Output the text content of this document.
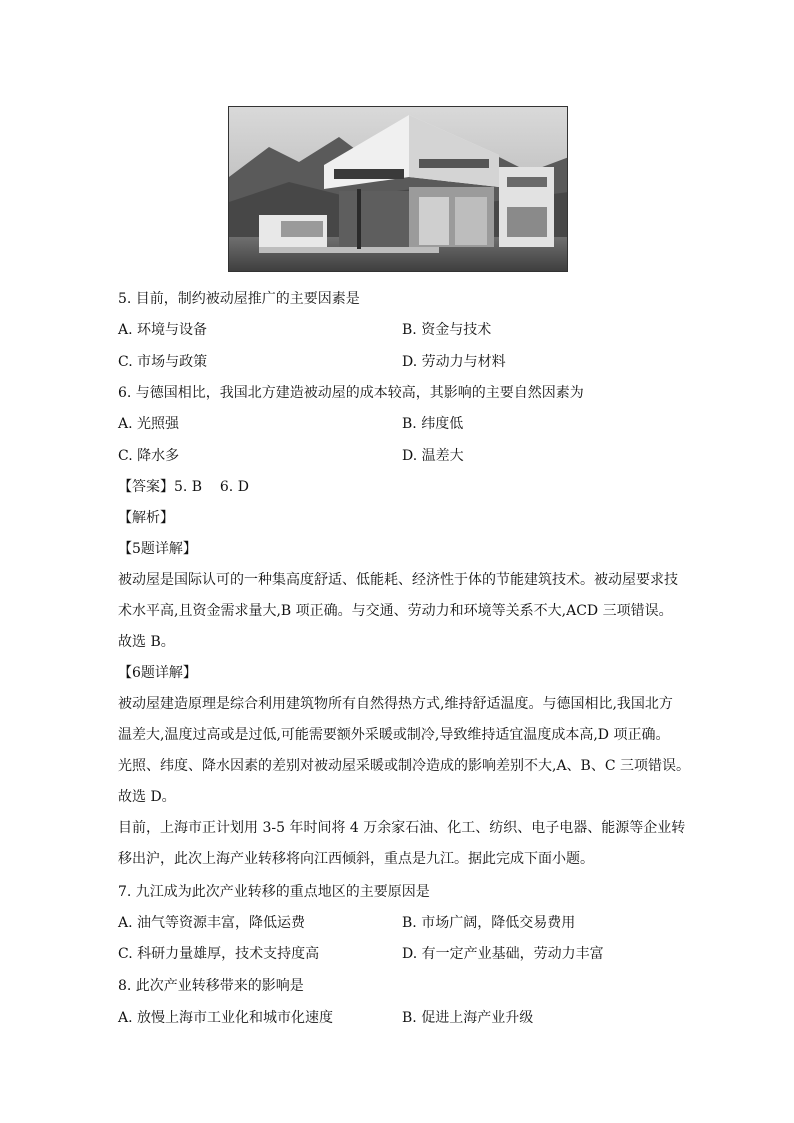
5. 目前，制约被动屋推广的主要因素是
A. 环境与设备	B. 资金与技术
C. 市场与政策	D. 劳动力与材料
6. 与德国相比，我国北方建造被动屋的成本较高，其影响的主要自然因素为
A. 光照强	B. 纬度低
C. 降水多	D. 温差大
【答案】5. B    6. D
【解析】
【5题详解】
被动屋是国际认可的一种集高度舒适、低能耗、经济性于体的节能建筑技术。被动屋要求技
术水平高,且资金需求量大,B 项正确。与交通、劳动力和环境等关系不大,ACD 三项错误。
故选 B。
【6题详解】
被动屋建造原理是综合利用建筑物所有自然得热方式,维持舒适温度。与德国相比,我国北方
温差大,温度过高或是过低,可能需要额外采暖或制冷,导致维持适宜温度成本高,D 项正确。
光照、纬度、降水因素的差别对被动屋采暖或制冷造成的影响差别不大,A、B、C 三项错误。
故选 D。
目前，上海市正计划用 3-5 年时间将 4 万余家石油、化工、纺织、电子电器、能源等企业转
移出沪，此次上海产业转移将向江西倾斜，重点是九江。据此完成下面小题。
7. 九江成为此次产业转移的重点地区的主要原因是
A. 油气等资源丰富，降低运费	B. 市场广阔，降低交易费用
C. 科研力量雄厚，技术支持度高	D. 有一定产业基础，劳动力丰富
8. 此次产业转移带来的影响是
A. 放慢上海市工业化和城市化速度	B. 促进上海产业升级
